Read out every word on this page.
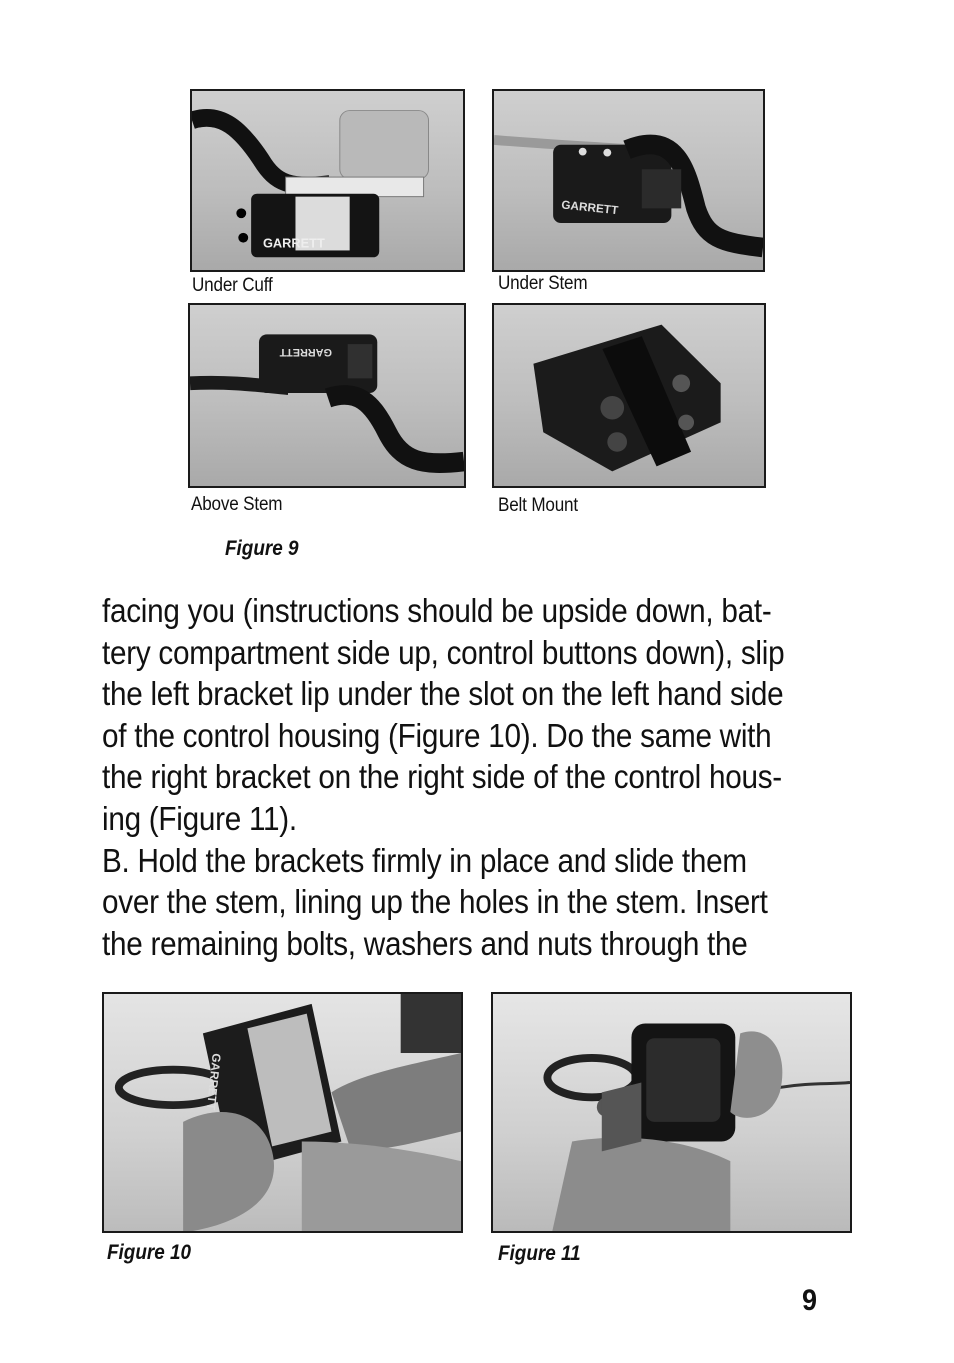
GARRETT
Under Cuff
GARRETT
Under Stem
GARRETT
Above Stem	Belt Mount
Figure 9

facing you (instructions should be upside down, bat-

tery compartment side up, control buttons down), slip

the left bracket lip under the slot on the left hand side

of the control housing (Figure 10). Do the same with

the right bracket on the right side of the control hous-

ing (Figure 11).

B. Hold the brackets firmly in place and slide them

over the stem, lining up the holes in the stem. Insert

the remaining bolts, washers and nuts through the

GARRETT
Figure 10	Figure 11
9
